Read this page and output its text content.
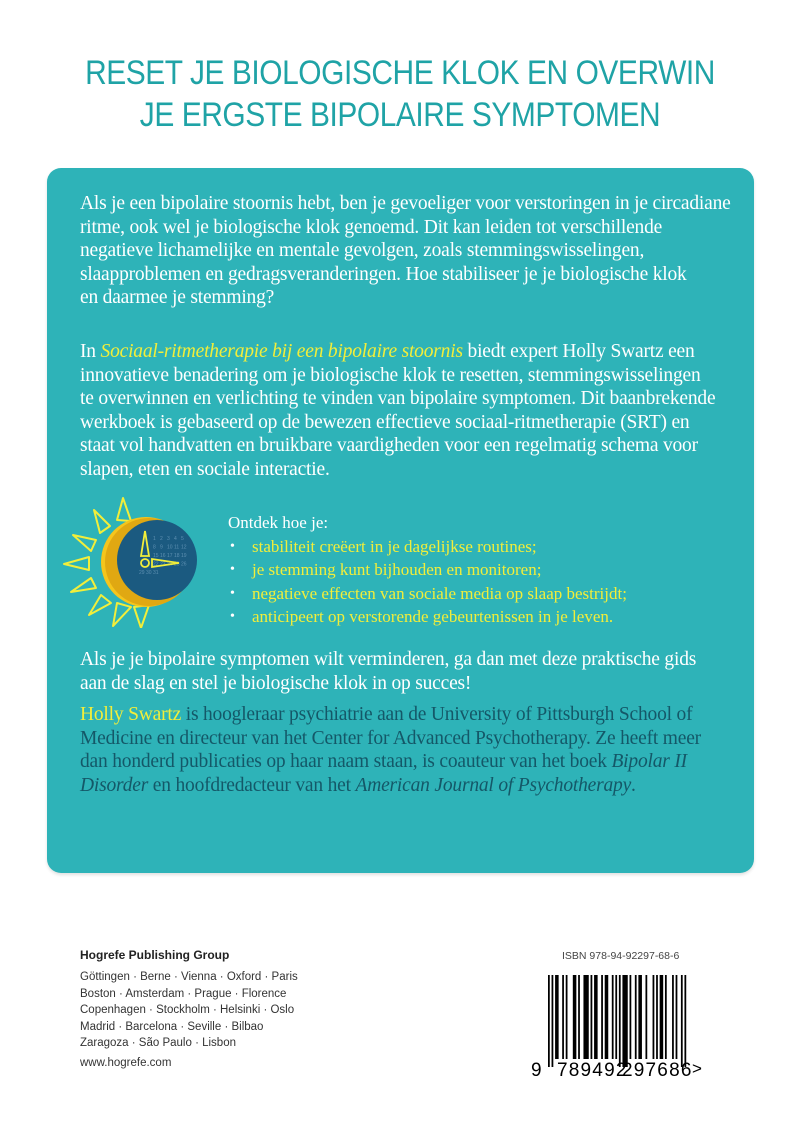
RESET JE BIOLOGISCHE KLOK EN OVERWIN
JE ERGSTE BIPOLAIRE SYMPTOMEN
Als je een bipolaire stoornis hebt, ben je gevoeliger voor verstoringen in je circadiane
ritme, ook wel je biologische klok genoemd. Dit kan leiden tot verschillende
negatieve lichamelijke en mentale gevolgen, zoals stemmingswisselingen,
slaapproblemen en gedragsveranderingen. Hoe stabiliseer je je biologische klok
en daarmee je stemming?
In Sociaal-ritmetherapie bij een bipolaire stoornis biedt expert Holly Swartz een
innovatieve benadering om je biologische klok te resetten, stemmingswisselingen
te overwinnen en verlichting te vinden van bipolaire symptomen. Dit baanbrekende
werkboek is gebaseerd op de bewezen effectieve sociaal-ritmetherapie (SRT) en
staat vol handvatten en bruikbare vaardigheden voor een regelmatig schema voor
slapen, eten en sociale interactie.
1 2 3 4 5
8 9 10 11 12
15 16 17 18 19
22 23 24 25 26
29 30 31
Ontdek hoe je:
• stabiliteit creëert in je dagelijkse routines;
• je stemming kunt bijhouden en monitoren;
• negatieve effecten van sociale media op slaap bestrijdt;
• anticipeert op verstorende gebeurtenissen in je leven.
Als je je bipolaire symptomen wilt verminderen, ga dan met deze praktische gids
aan de slag en stel je biologische klok in op succes!
Holly Swartz is hoogleraar psychiatrie aan de University of Pittsburgh School of
Medicine en directeur van het Center for Advanced Psychotherapy. Ze heeft meer
dan honderd publicaties op haar naam staan, is coauteur van het boek Bipolar II
Disorder en hoofdredacteur van het American Journal of Psychotherapy.
Hogrefe Publishing Group
Göttingen · Berne · Vienna · Oxford · Paris
Boston · Amsterdam · Prague · Florence
Copenhagen · Stockholm · Helsinki · Oslo
Madrid · Barcelona · Seville · Bilbao
Zaragoza · São Paulo · Lisbon
www.hogrefe.com
ISBN 978-94-92297-68-6
9 789492
297686 >
